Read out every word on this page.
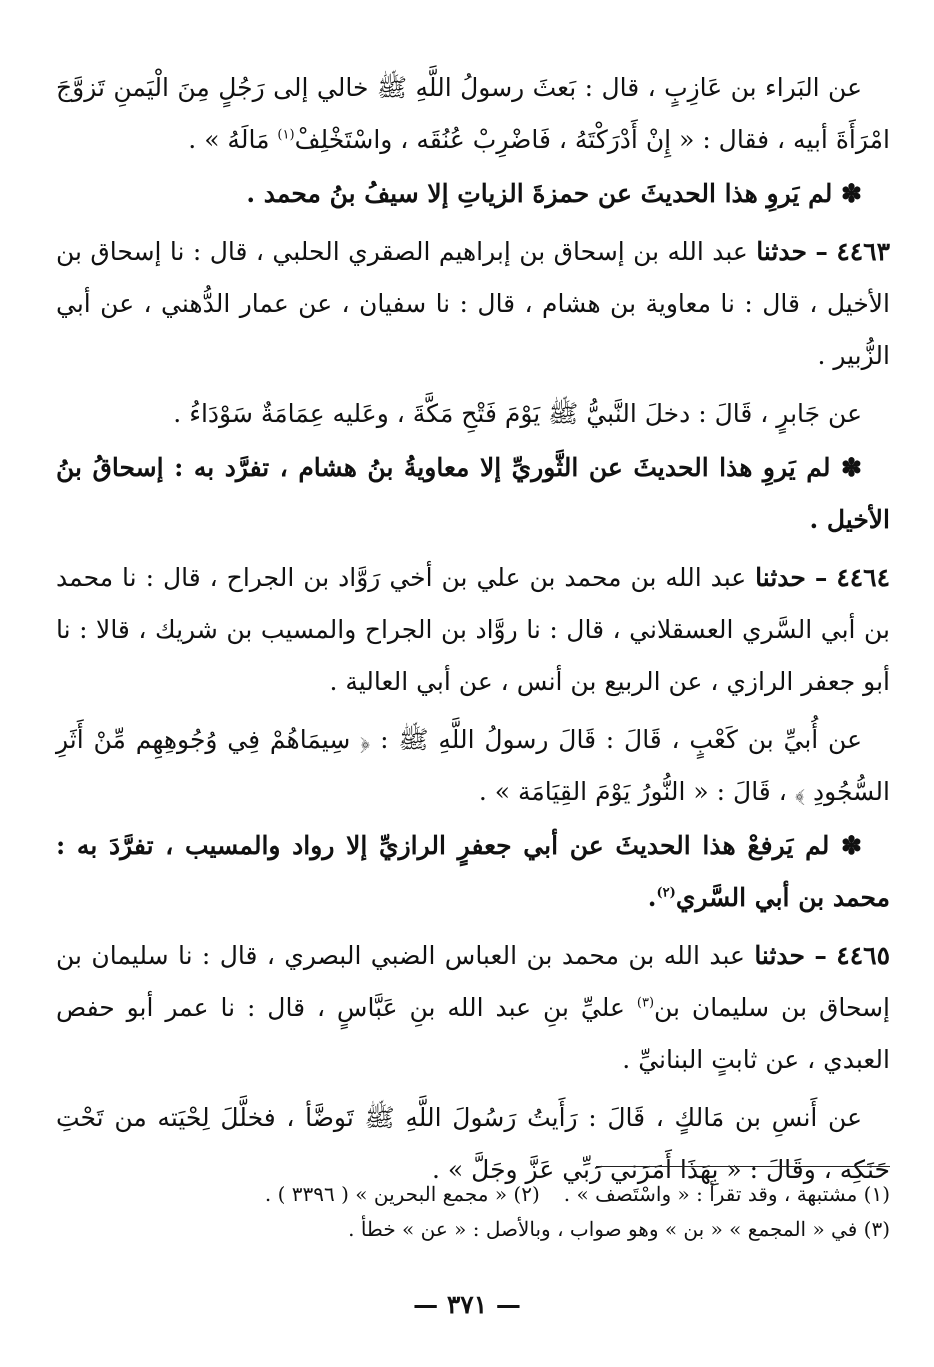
عن البَراء بن عَازِبٍ ، قال : بَعثَ رسولُ اللَّهِ ﷺ خالي إلى رَجُلٍ مِنَ الْيَمنِ تَزوَّجَ امْرَأَةَ أبيه ، فقال : « إِنْ أَدْرَكْتَهُ ، فَاضْرِبْ عُنُقَه ، واسْتَخْلِفْ$^{(١)}$ مَالَهُ » .

✽ لم يَروِ هذا الحديثَ عن حمزةَ الزياتِ إلا سيفُ بنُ محمد .

٤٤٦٣ – حدثنا عبد الله بن إسحاق بن إبراهيم الصقري الحلبي ، قال : نا إسحاق بن الأخيل ، قال : نا معاوية بن هشام ، قال : نا سفيان ، عن عمار الدُّهني ، عن أبي الزُّبير .

عن جَابرٍ ، قَالَ : دخلَ النَّبيُّ ﷺ يَوْمَ فَتْحِ مَكَّةَ ، وعَليه عِمَامَةٌ سَوْدَاءُ .

✽ لم يَروِ هذا الحديثَ عن الثَّوريِّ إلا معاويةُ بنُ هشام ، تفرَّد به : إسحاقُ بنُ الأخيل .

٤٤٦٤ – حدثنا عبد الله بن محمد بن علي بن أخي رَوَّاد بن الجراح ، قال : نا محمد بن أبي السَّري العسقلاني ، قال : نا روَّاد بن الجراح والمسيب بن شريك ، قالا : نا أبو جعفر الرازي ، عن الربيع بن أنس ، عن أبي العالية .

عن أُبيِّ بن كَعْبٍ ، قَالَ : قَالَ رسولُ اللَّهِ ﷺ : ﴿ سِيمَاهُمْ فِي وُجُوهِهِم مِّنْ أَثَرِ السُّجُودِ ﴾ ، قَالَ : « النُّورُ يَوْمَ القِيَامَة » .

✽ لم يَرفعْ هذا الحديثَ عن أبي جعفرٍ الرازيِّ إلا رواد والمسيب ، تفرَّدَ به : محمد بن أبي السَّري$^{(٢)}$.

٤٤٦٥ – حدثنا عبد الله بن محمد بن العباس الضبي البصري ، قال : نا سليمان بن إسحاق بن سليمان بن$^{(٣)}$ عليِّ بنِ عبد الله بنِ عَبَّاسٍ ، قال : نا عمر أبو حفص العبدي ، عن ثابتٍ البنانيِّ .

عن أَنسِ بن مَالكٍ ، قَالَ : رَأَيتُ رَسُولَ اللَّهِ ﷺ تَوضَّأ ، فخلَّلَ لِحْيَته من تَحْتِ حَنَكِه ، وقَالَ : « بِهَذَا أَمَرَني رَبِّي عَزَّ وجَلَّ » .

(١) مشتبهة ، وقد تقرأ : « واسْتَصف » .
(٢) « مجمع البحرين » ( ٣٣٩٦ ) .

(٣) في « المجمع » « بن » وهو صواب ، وبالأصل : « عن » خطأ .

— ٣٧١ —
